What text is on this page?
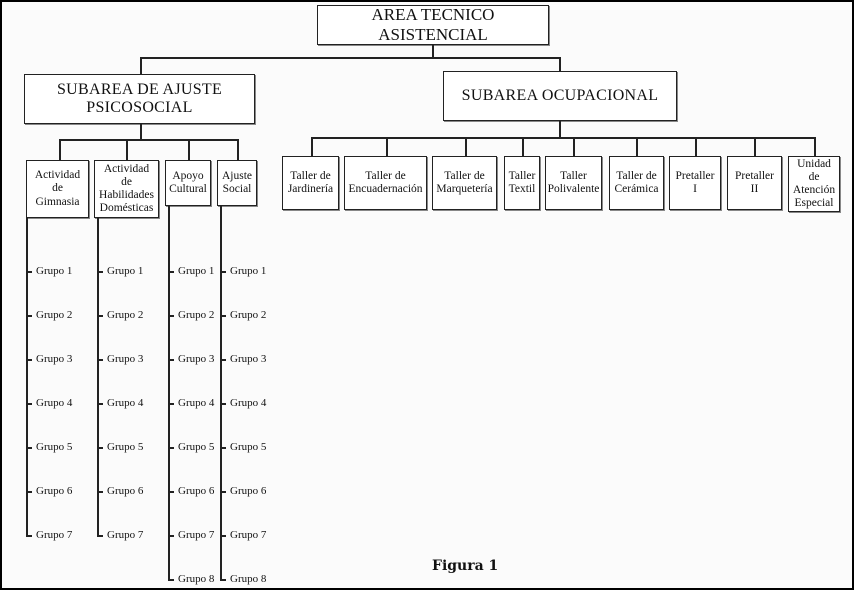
AREA TECNICO ASISTENCIAL
SUBAREA DE AJUSTE PSICOSOCIAL
SUBAREA OCUPACIONAL
Actividad de Gimnasia
Grupo 1
Grupo 2
Grupo 3
Grupo 4
Grupo 5
Grupo 6
Grupo 7
Actividad de Habilidades Domésticas
Grupo 1
Grupo 2
Grupo 3
Grupo 4
Grupo 5
Grupo 6
Grupo 7
Apoyo Cultural
Grupo 1
Grupo 2
Grupo 3
Grupo 4
Grupo 5
Grupo 6
Grupo 7
Grupo 8
Ajuste Social
Grupo 1
Grupo 2
Grupo 3
Grupo 4
Grupo 5
Grupo 6
Grupo 7
Grupo 8
Taller de Jardinería
Taller de Encuadernación
Taller de Marquetería
Taller Textil
Taller Polivalente
Taller de Cerámica
Pretaller I
Pretaller II
Unidad de Atención Especial
Figura 1
